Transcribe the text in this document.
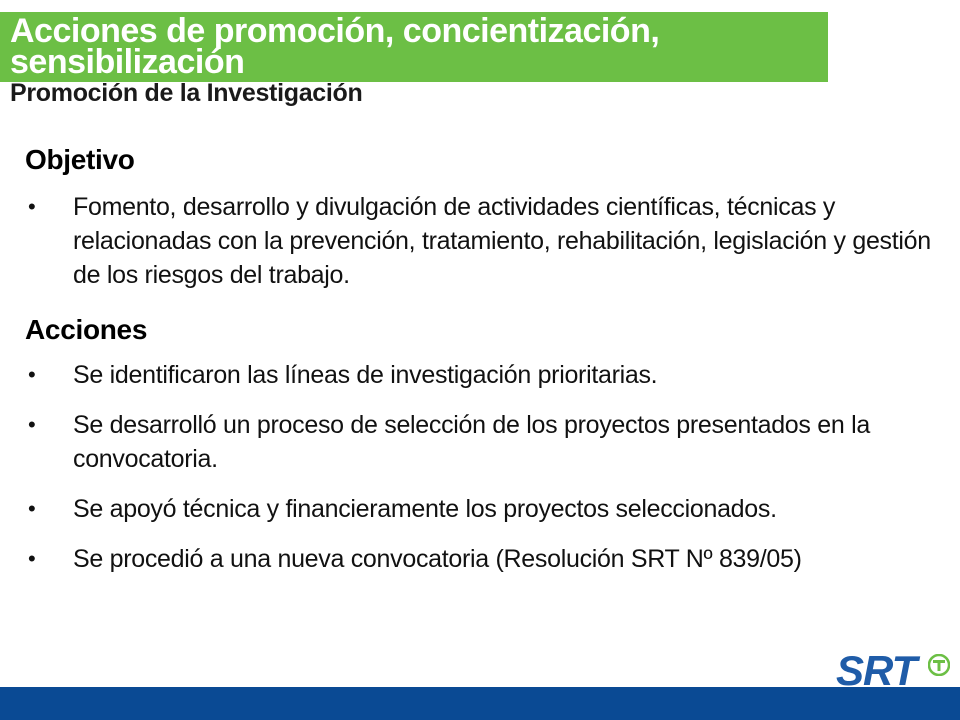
Acciones de promoción, concientización, sensibilización
Promoción de la Investigación
Objetivo
• Fomento, desarrollo y divulgación de actividades científicas, técnicas y relacionadas con la prevención, tratamiento, rehabilitación, legislación y gestión de los riesgos del trabajo.
Acciones
• Se identificaron las líneas de investigación prioritarias.
• Se desarrolló un proceso de selección de los proyectos presentados en la convocatoria.
• Se apoyó técnica y financieramente los proyectos seleccionados.
• Se procedió a una nueva convocatoria (Resolución SRT Nº 839/05)
SRT
